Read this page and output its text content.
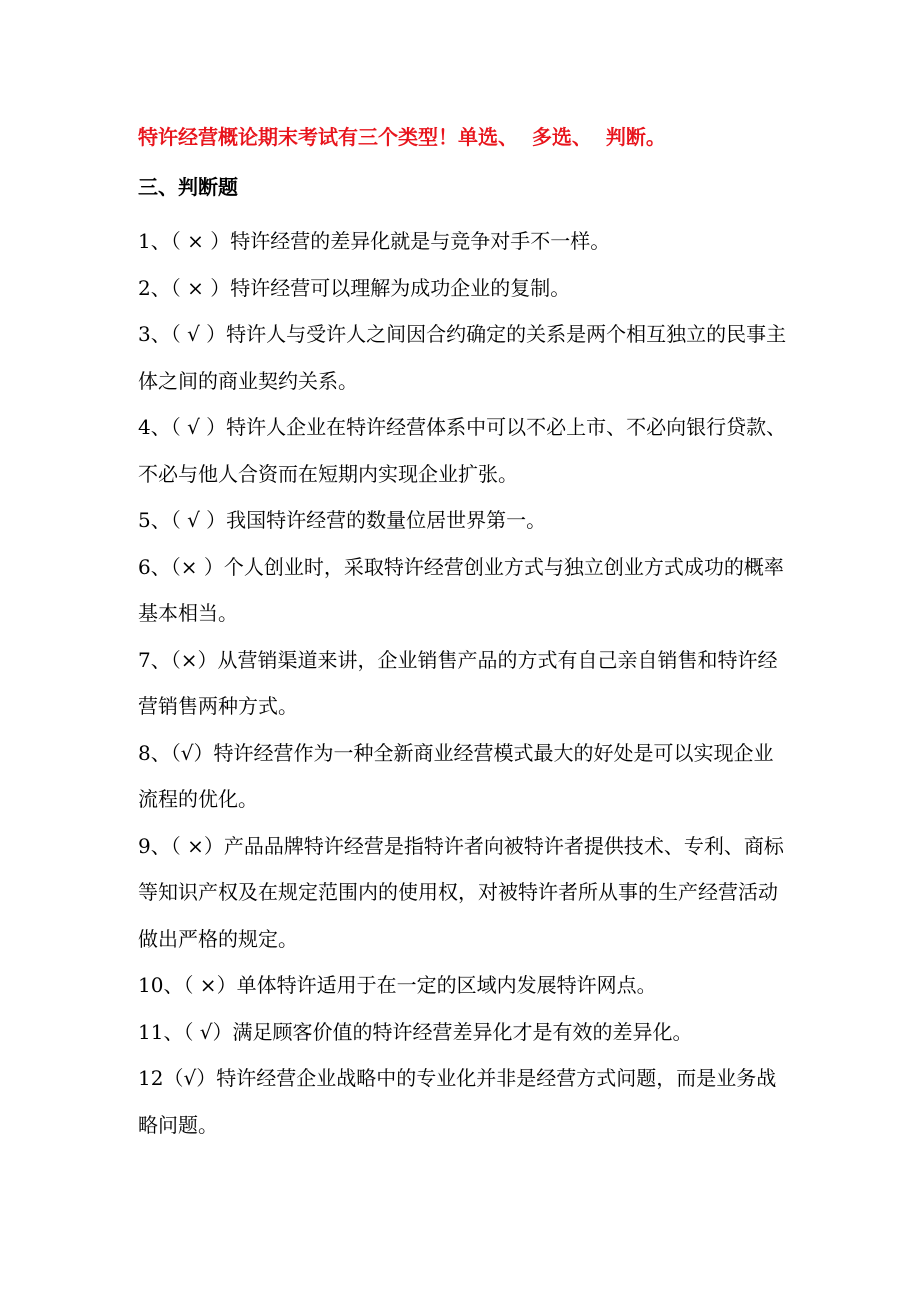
特许经营概论期末考试有三个类型！单选、  多选、  判断。
三、判断题

1、（ × ）特许经营的差异化就是与竞争对手不一样。

2、（ × ）特许经营可以理解为成功企业的复制。

3、（ √ ）特许人与受许人之间因合约确定的关系是两个相互独立的民事主体之间的商业契约关系。

4、（ √ ）特许人企业在特许经营体系中可以不必上市、不必向银行贷款、不必与他人合资而在短期内实现企业扩张。

5、（ √ ）我国特许经营的数量位居世界第一。

6、（× ）个人创业时，采取特许经营创业方式与独立创业方式成功的概率基本相当。

7、（×）从营销渠道来讲，企业销售产品的方式有自己亲自销售和特许经营销售两种方式。

8、（√）特许经营作为一种全新商业经营模式最大的好处是可以实现企业流程的优化。

9、（ ×）产品品牌特许经营是指特许者向被特许者提供技术、专利、商标等知识产权及在规定范围内的使用权，对被特许者所从事的生产经营活动做出严格的规定。

10、（ ×）单体特许适用于在一定的区域内发展特许网点。

11、（ √）满足顾客价值的特许经营差异化才是有效的差异化。

12（√）特许经营企业战略中的专业化并非是经营方式问题，而是业务战略问题。
